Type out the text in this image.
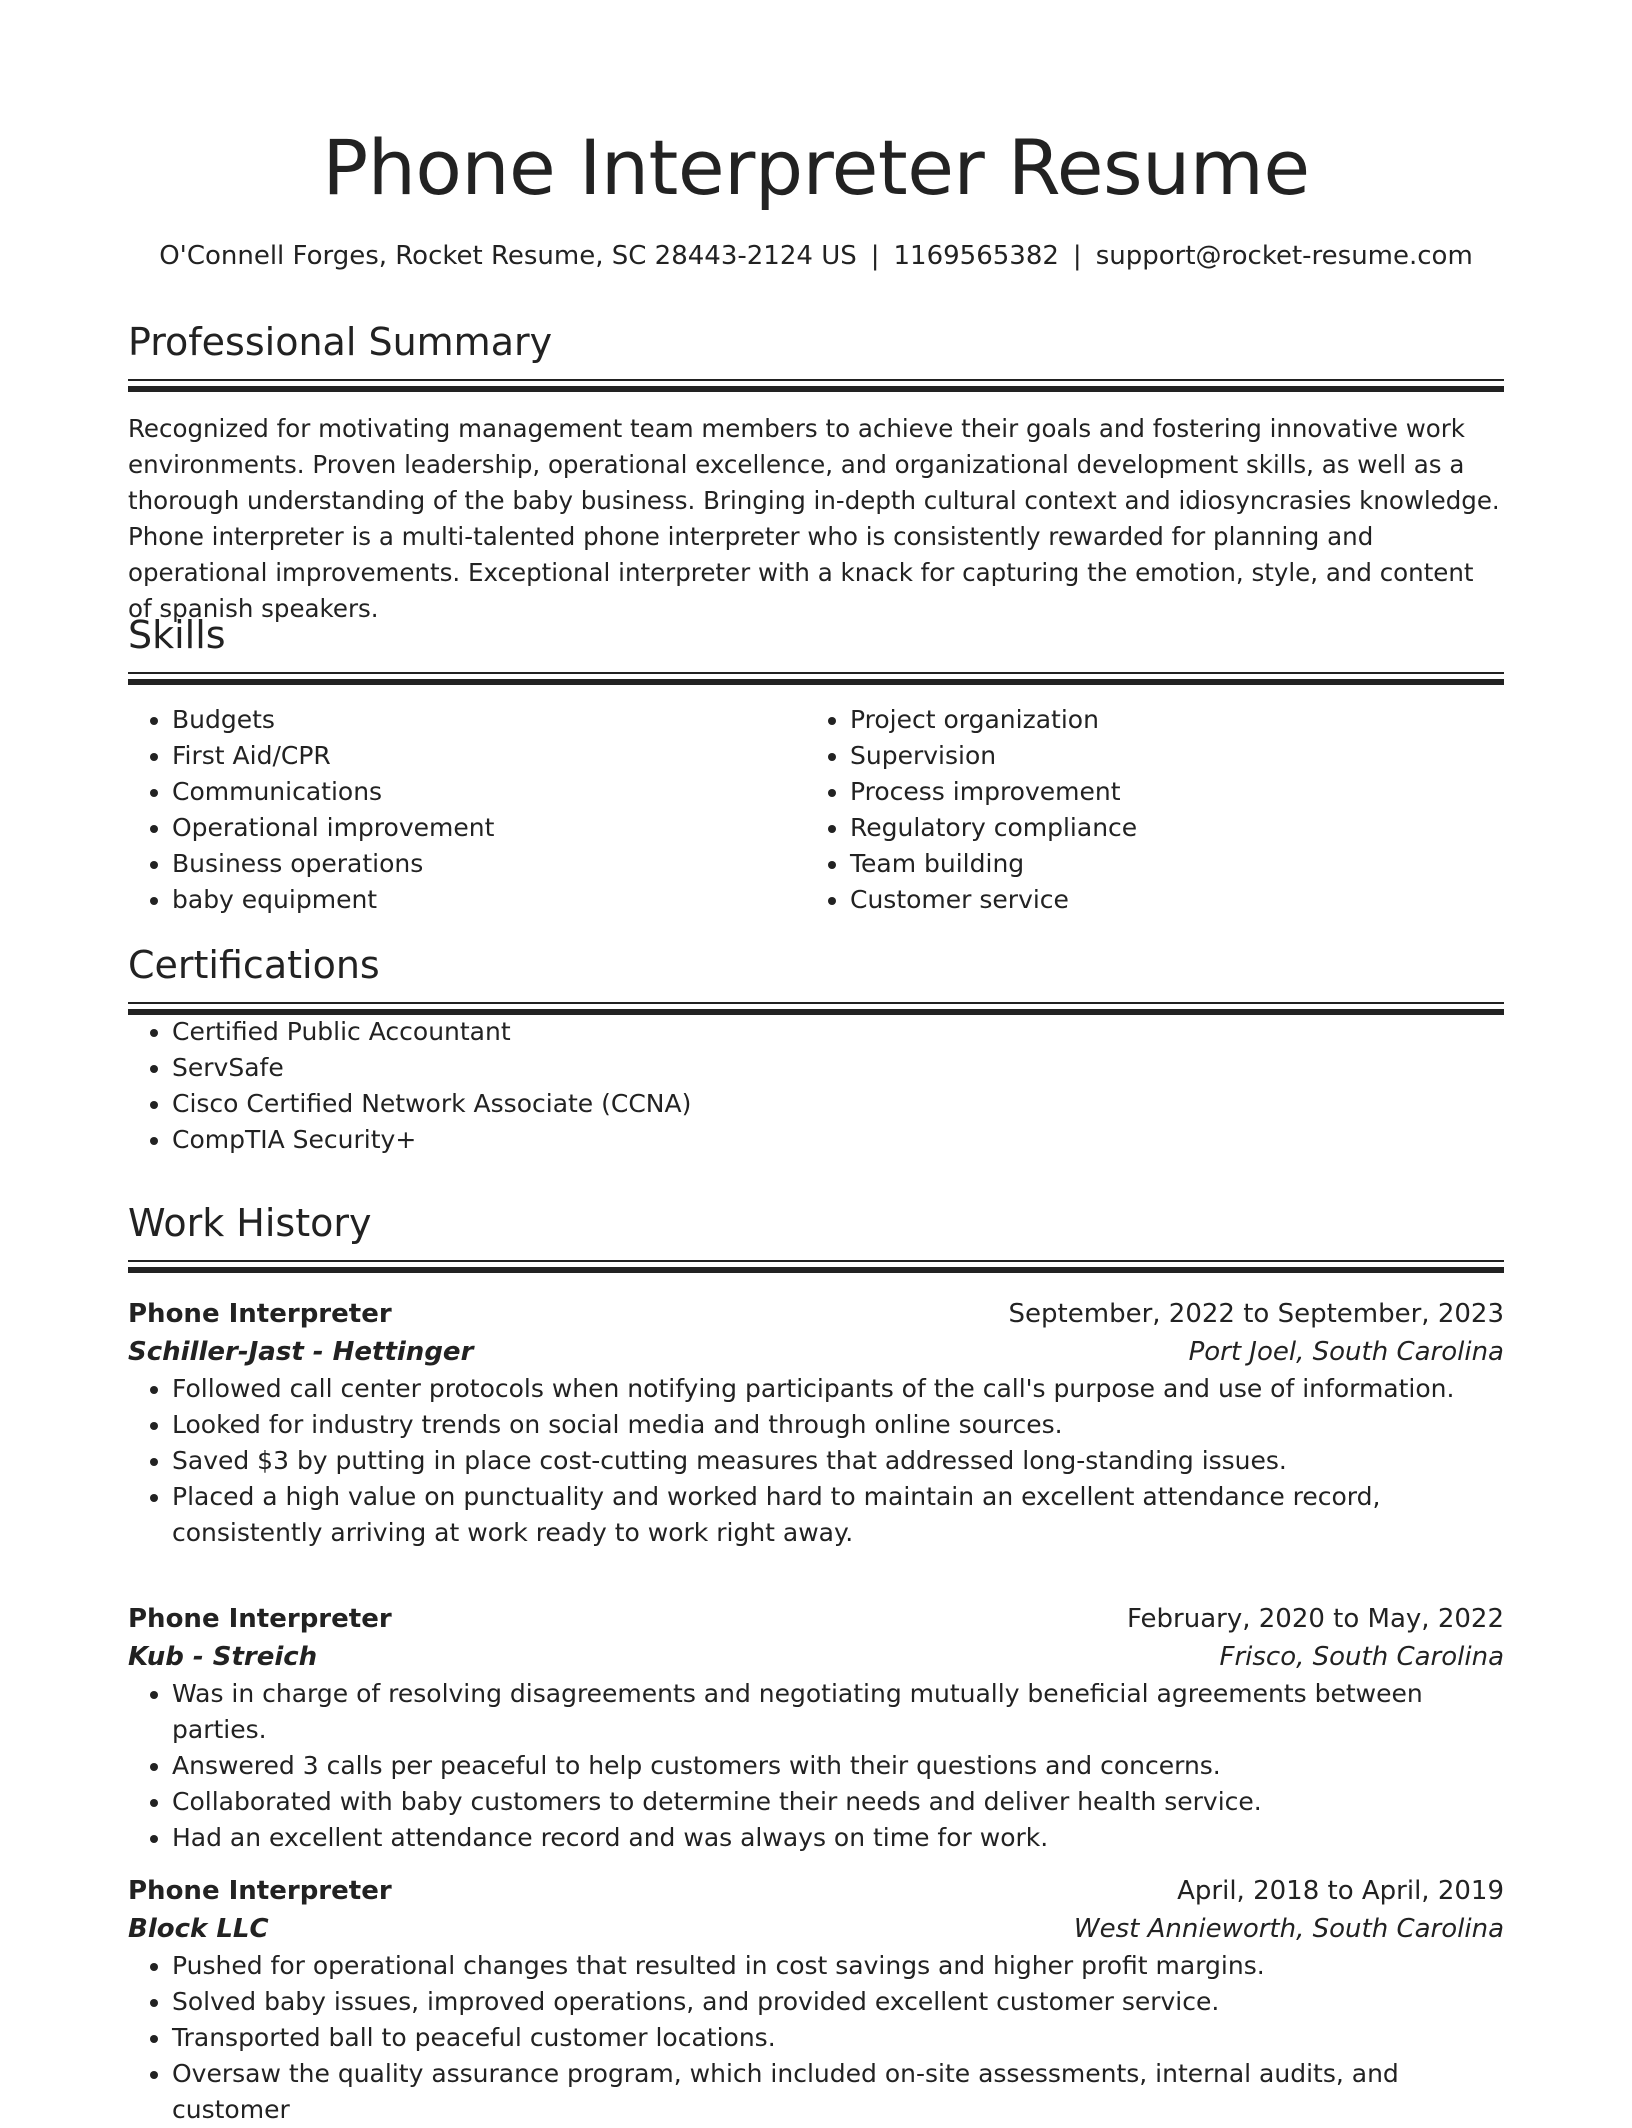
Phone Interpreter Resume
O'Connell Forges, Rocket Resume, SC 28443-2124 US | 1169565382 | support@rocket-resume.com
Professional Summary

Recognized for motivating management team members to achieve their goals and fostering innovative work environments. Proven leadership, operational excellence, and organizational development skills, as well as a thorough understanding of the baby business. Bringing in-depth cultural context and idiosyncrasies knowledge. Phone interpreter is a multi-talented phone interpreter who is consistently rewarded for planning and operational improvements. Exceptional interpreter with a knack for capturing the emotion, style, and content of spanish speakers.

Skills
• Budgets
• First Aid/CPR
• Communications
• Operational improvement
• Business operations
• baby equipment
• Project organization
• Supervision
• Process improvement
• Regulatory compliance
• Team building
• Customer service
Certifications
• Certified Public Accountant
• ServSafe
• Cisco Certified Network Associate (CCNA)
• CompTIA Security+
Work History
Phone Interpreter	September, 2022 to September, 2023
Schiller-Jast - Hettinger	Port Joel, South Carolina
• Followed call center protocols when notifying participants of the call's purpose and use of information.
• Looked for industry trends on social media and through online sources.
• Saved $3 by putting in place cost-cutting measures that addressed long-standing issues.
• Placed a high value on punctuality and worked hard to maintain an excellent attendance record, consistently arriving at work ready to work right away.
Phone Interpreter	February, 2020 to May, 2022
Kub - Streich	Frisco, South Carolina
• Was in charge of resolving disagreements and negotiating mutually beneficial agreements between parties.
• Answered 3 calls per peaceful to help customers with their questions and concerns.
• Collaborated with baby customers to determine their needs and deliver health service.
• Had an excellent attendance record and was always on time for work.
Phone Interpreter	April, 2018 to April, 2019
Block LLC	West Annieworth, South Carolina
• Pushed for operational changes that resulted in cost savings and higher profit margins.
• Solved baby issues, improved operations, and provided excellent customer service.
• Transported ball to peaceful customer locations.
• Oversaw the quality assurance program, which included on-site assessments, internal audits, and customer
